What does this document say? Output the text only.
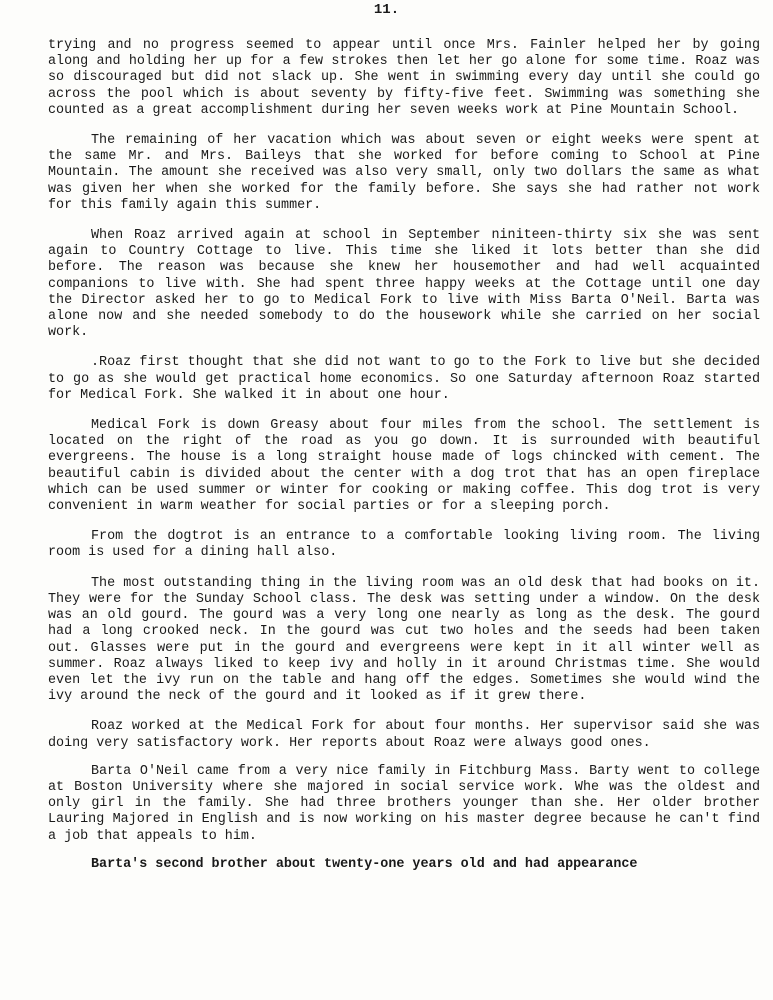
11.

trying and no progress seemed to appear until once Mrs. Fainler helped her by going along and holding her up for a few strokes then let her go alone for some time. Roaz was so discouraged but did not slack up. She went in swimming every day until she could go across the pool which is about seventy by fifty-five feet. Swimming was something she counted as a great accomplishment during her seven weeks work at Pine Mountain School.

The remaining of her vacation which was about seven or eight weeks were spent at the same Mr. and Mrs. Baileys that she worked for before coming to School at Pine Mountain. The amount she received was also very small, only two dollars the same as what was given her when she worked for the family before. She says she had rather not work for this family again this summer.

When Roaz arrived again at school in September niniteen-thirty six she was sent again to Country Cottage to live. This time she liked it lots better than she did before. The reason was because she knew her housemother and had well acquainted companions to live with. She had spent three happy weeks at the Cottage until one day the Director asked her to go to Medical Fork to live with Miss Barta O'Neil. Barta was alone now and she needed somebody to do the housework while she carried on her social work.

.Roaz first thought that she did not want to go to the Fork to live but she decided to go as she would get practical home economics. So one Saturday afternoon Roaz started for Medical Fork. She walked it in about one hour.

Medical Fork is down Greasy about four miles from the school. The settlement is located on the right of the road as you go down. It is surrounded with beautiful evergreens. The house is a long straight house made of logs chincked with cement. The beautiful cabin is divided about the center with a dog trot that has an open fireplace which can be used summer or winter for cooking or making coffee. This dog trot is very convenient in warm weather for social parties or for a sleeping porch.

From the dogtrot is an entrance to a comfortable looking living room. The living room is used for a dining hall also.

The most outstanding thing in the living room was an old desk that had books on it. They were for the Sunday School class. The desk was setting under a window. On the desk was an old gourd. The gourd was a very long one nearly as long as the desk. The gourd had a long crooked neck. In the gourd was cut two holes and the seeds had been taken out. Glasses were put in the gourd and evergreens were kept in it all winter well as summer. Roaz always liked to keep ivy and holly in it around Christmas time. She would even let the ivy run on the table and hang off the edges. Sometimes she would wind the ivy around the neck of the gourd and it looked as if it grew there.

Roaz worked at the Medical Fork for about four months. Her supervisor said she was doing very satisfactory work. Her reports about Roaz were always good ones.

Barta O'Neil came from a very nice family in Fitchburg Mass. Barty went to college at Boston University where she majored in social service work. Whe was the oldest and only girl in the family. She had three brothers younger than she. Her older brother Lauring Majored in English and is now working on his master degree because he can't find a job that appeals to him.

Barta's second brother about twenty-one years old and had appearance
